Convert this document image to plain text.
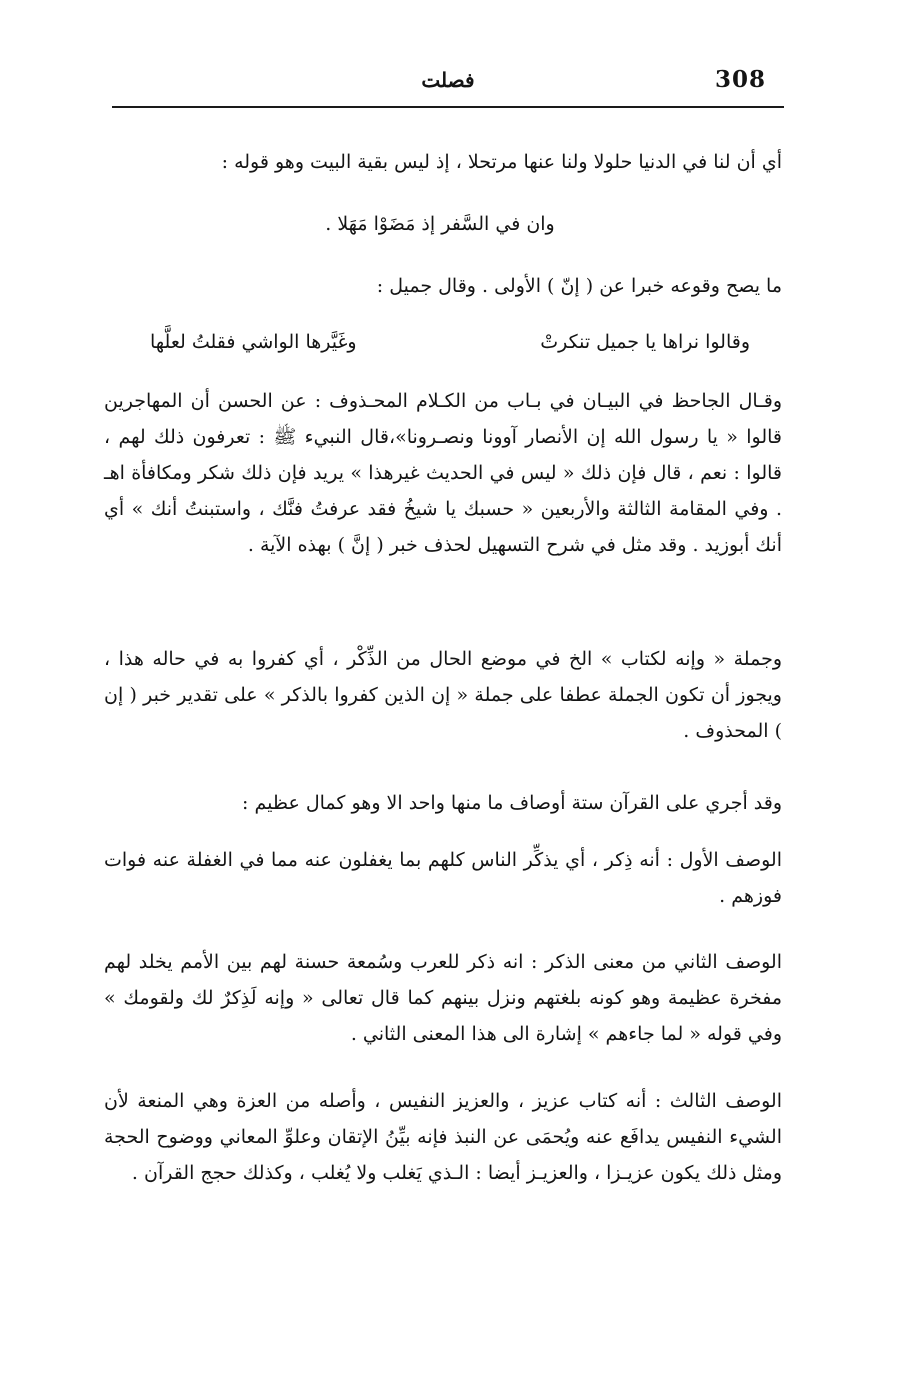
308
فصلت

أي أن لنا في الدنيا حلولا ولنا عنها مرتحلا ، إذ ليس بقية البيت وهو قوله :

وان في السَّفر إذ مَضَوْا مَهَلا .

ما يصح وقوعه خبرا عن ( إنّ ) الأولى . وقال جميل :

وقالوا نراها يا جميل تنكرتْ
وغَيَّرها الواشي فقلتُ لعلَّها

وقـال الجاحظ في البيـان في بـاب من الكـلام المحـذوف : عن الحسن أن المهاجرين قالوا « يا رسول الله إن الأنصار آوونا ونصـرونا»،قال النبيء ﷺ : تعرفون ذلك لهم ، قالوا : نعم ، قال فإن ذلك « ليس في الحديث غيرهذا » يريد فإن ذلك شكر ومكافأة اهـ . وفي المقامة الثالثة والأربعين « حسبك يا شيخُ فقد عرفتُ فنَّك ، واستبنتُ أنك » أي أنك أبوزيد . وقد مثل في شرح التسهيل لحذف خبر ( إنَّ ) بهذه الآية .

وجملة « وإنه لكتاب » الخ في موضع الحال من الذِّكْر ، أي كفروا به في حاله هذا ، ويجوز أن تكون الجملة عطفا على جملة « إن الذين كفروا بالذكر » على تقدير خبر ( إن ) المحذوف .

وقد أجري على القرآن ستة أوصاف ما منها واحد الا وهو كمال عظيم :

الوصف الأول : أنه ذِكر ، أي يذكِّر الناس كلهم بما يغفلون عنه مما في الغفلة عنه فوات فوزهم .

الوصف الثاني من معنى الذكر : انه ذكر للعرب وسُمعة حسنة لهم بين الأمم يخلد لهم مفخرة عظيمة وهو كونه بلغتهم ونزل بينهم كما قال تعالى « وإنه لَذِكرٌ لك ولقومك » وفي قوله « لما جاءهم » إشارة الى هذا المعنى الثاني .

الوصف الثالث : أنه كتاب عزيز ، والعزيز النفيس ، وأصله من العزة وهي المنعة لأن الشيء النفيس يدافَع عنه ويُحمَى عن النبذ فإنه بيِّنُ الإتقان وعلوِّ المعاني ووضوح الحجة ومثل ذلك يكون عزيـزا ، والعزيـز أيضا : الـذي يَغلب ولا يُغلب ، وكذلك حجج القرآن .
